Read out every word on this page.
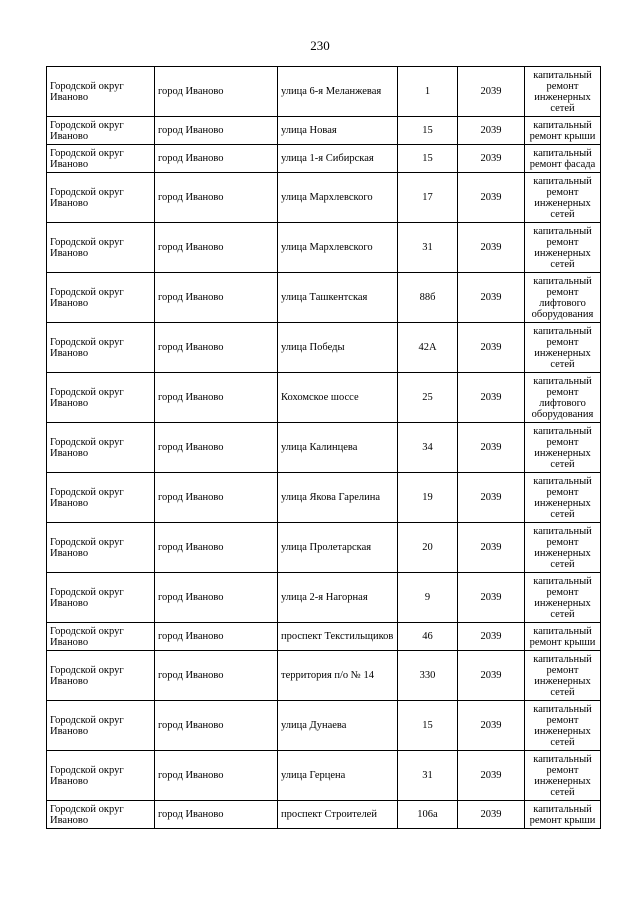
230
Городской округ Иваново	город Иваново	улица 6-я Меланжевая	1	2039	капитальный ремонт инженерных сетей
Городской округ Иваново	город Иваново	улица Новая	15	2039	капитальный ремонт крыши
Городской округ Иваново	город Иваново	улица 1-я Сибирская	15	2039	капитальный ремонт фасада
Городской округ Иваново	город Иваново	улица Мархлевского	17	2039	капитальный ремонт инженерных сетей
Городской округ Иваново	город Иваново	улица Мархлевского	31	2039	капитальный ремонт инженерных сетей
Городской округ Иваново	город Иваново	улица Ташкентская	88б	2039	капитальный ремонт лифтового оборудования
Городской округ Иваново	город Иваново	улица Победы	42А	2039	капитальный ремонт инженерных сетей
Городской округ Иваново	город Иваново	Кохомское шоссе	25	2039	капитальный ремонт лифтового оборудования
Городской округ Иваново	город Иваново	улица Калинцева	34	2039	капитальный ремонт инженерных сетей
Городской округ Иваново	город Иваново	улица Якова Гарелина	19	2039	капитальный ремонт инженерных сетей
Городской округ Иваново	город Иваново	улица Пролетарская	20	2039	капитальный ремонт инженерных сетей
Городской округ Иваново	город Иваново	улица 2-я Нагорная	9	2039	капитальный ремонт инженерных сетей
Городской округ Иваново	город Иваново	проспект Текстильщиков	46	2039	капитальный ремонт крыши
Городской округ Иваново	город Иваново	территория п/о № 14	330	2039	капитальный ремонт инженерных сетей
Городской округ Иваново	город Иваново	улица Дунаева	15	2039	капитальный ремонт инженерных сетей
Городской округ Иваново	город Иваново	улица Герцена	31	2039	капитальный ремонт инженерных сетей
Городской округ Иваново	город Иваново	проспект Строителей	106а	2039	капитальный ремонт крыши
